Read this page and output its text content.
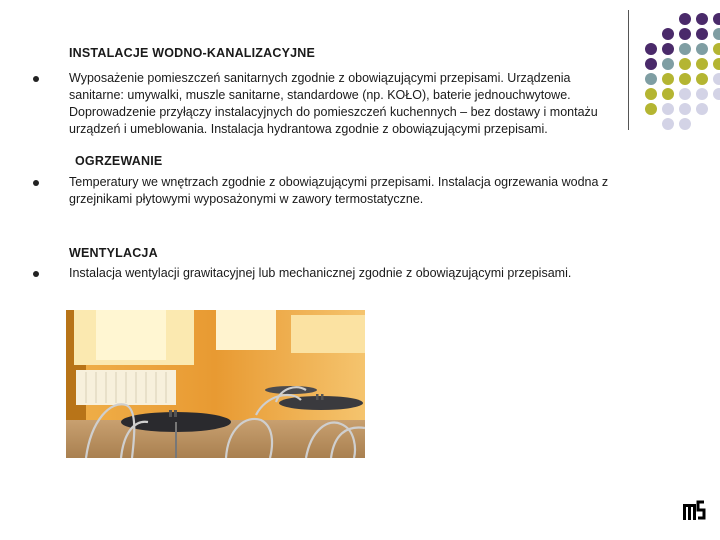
INSTALACJE WODNO-KANALIZACYJNE
Wyposażenie pomieszczeń sanitarnych zgodnie z obowiązującymi przepisami. Urządzenia
sanitarne: umywalki, muszle sanitarne, standardowe (np. KOŁO), baterie jednouchwytowe.
Doprowadzenie przyłączy instalacyjnych do pomieszczeń kuchennych – bez dostawy i montażu
urządzeń i umeblowania. Instalacja hydrantowa zgodnie z obowiązującymi przepisami.
OGRZEWANIE
Temperatury we wnętrzach zgodnie z obowiązującymi przepisami. Instalacja ogrzewania wodna z
grzejnikami płytowymi wyposażonymi w zawory termostatyczne.
WENTYLACJA
Instalacja wentylacji grawitacyjnej lub mechanicznej zgodnie z obowiązującymi przepisami.
